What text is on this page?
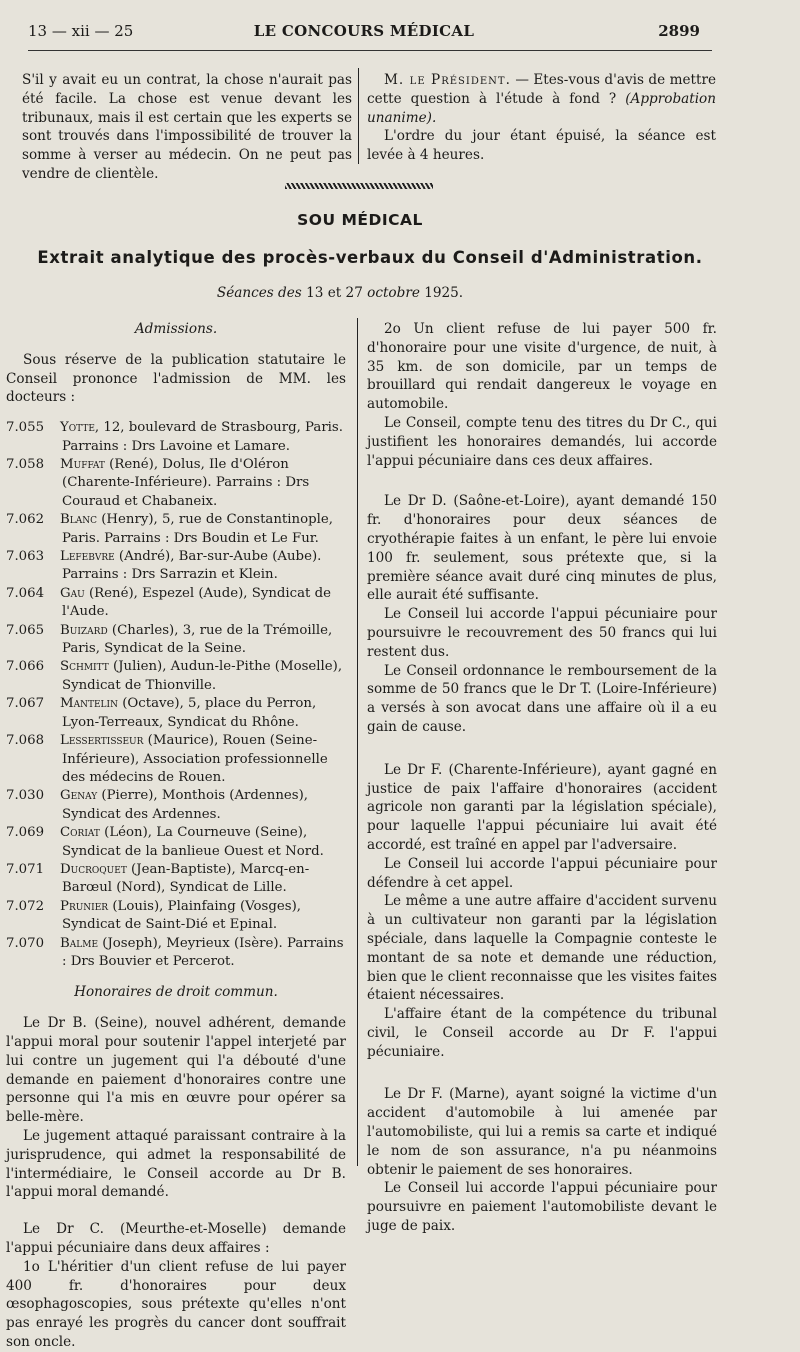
13 — xii — 25	LE CONCOURS MÉDICAL	2899

S'il y avait eu un contrat, la chose n'aurait pas été facile. La chose est venue devant les tribunaux, mais il est certain que les experts se sont trouvés dans l'impossibilité de trouver la somme à verser au médecin. On ne peut pas vendre de clientèle.

M. le Président. — Etes-vous d'avis de mettre cette question à l'étude à fond ? (Approbation unanime).

L'ordre du jour étant épuisé, la séance est levée à 4 heures.

SOU MÉDICAL
Extrait analytique des procès-verbaux du Conseil d'Administration.
Séances des 13 et 27 octobre 1925.

Admissions.

Sous réserve de la publication statutaire le Conseil prononce l'admission de MM. les docteurs :

7.055 Yotte, 12, boulevard de Strasbourg, Paris. Parrains : Drs Lavoine et Lamare.
7.058 Muffat (René), Dolus, Ile d'Oléron (Charente-Inférieure). Parrains : Drs Couraud et Chabaneix.
7.062 Blanc (Henry), 5, rue de Constantinople, Paris. Parrains : Drs Boudin et Le Fur.
7.063 Lefebvre (André), Bar-sur-Aube (Aube). Parrains : Drs Sarrazin et Klein.
7.064 Gau (René), Espezel (Aude), Syndicat de l'Aude.
7.065 Buizard (Charles), 3, rue de la Trémoille, Paris, Syndicat de la Seine.
7.066 Schmitt (Julien), Audun-le-Pithe (Moselle), Syndicat de Thionville.
7.067 Mantelin (Octave), 5, place du Perron, Lyon-Terreaux, Syndicat du Rhône.
7.068 Lessertisseur (Maurice), Rouen (Seine-Inférieure), Association professionnelle des médecins de Rouen.
7.030 Genay (Pierre), Monthois (Ardennes), Syndicat des Ardennes.
7.069 Coriat (Léon), La Courneuve (Seine), Syndicat de la banlieue Ouest et Nord.
7.071 Ducroquet (Jean-Baptiste), Marcq-en-Barœul (Nord), Syndicat de Lille.
7.072 Prunier (Louis), Plainfaing (Vosges), Syndicat de Saint-Dié et Epinal.
7.070 Balme (Joseph), Meyrieux (Isère). Parrains : Drs Bouvier et Percerot.

Honoraires de droit commun.

Le Dr B. (Seine), nouvel adhérent, demande l'appui moral pour soutenir l'appel interjeté par lui contre un jugement qui l'a débouté d'une demande en paiement d'honoraires contre une personne qui l'a mis en œuvre pour opérer sa belle-mère.

Le jugement attaqué paraissant contraire à la jurisprudence, qui admet la responsabilité de l'intermédiaire, le Conseil accorde au Dr B. l'appui moral demandé.

Le Dr C. (Meurthe-et-Moselle) demande l'appui pécuniaire dans deux affaires :

1o L'héritier d'un client refuse de lui payer 400 fr. d'honoraires pour deux œsophagoscopies, sous prétexte qu'elles n'ont pas enrayé les progrès du cancer dont souffrait son oncle.

2o Un client refuse de lui payer 500 fr. d'honoraire pour une visite d'urgence, de nuit, à 35 km. de son domicile, par un temps de brouillard qui rendait dangereux le voyage en automobile.

Le Conseil, compte tenu des titres du Dr C., qui justifient les honoraires demandés, lui accorde l'appui pécuniaire dans ces deux affaires.

Le Dr D. (Saône-et-Loire), ayant demandé 150 fr. d'honoraires pour deux séances de cryothérapie faites à un enfant, le père lui envoie 100 fr. seulement, sous prétexte que, si la première séance avait duré cinq minutes de plus, elle aurait été suffisante.

Le Conseil lui accorde l'appui pécuniaire pour poursuivre le recouvrement des 50 francs qui lui restent dus.

Le Conseil ordonnance le remboursement de la somme de 50 francs que le Dr T. (Loire-Inférieure) a versés à son avocat dans une affaire où il a eu gain de cause.

Le Dr F. (Charente-Inférieure), ayant gagné en justice de paix l'affaire d'honoraires (accident agricole non garanti par la législation spéciale), pour laquelle l'appui pécuniaire lui avait été accordé, est traîné en appel par l'adversaire.

Le Conseil lui accorde l'appui pécuniaire pour défendre à cet appel.

Le même a une autre affaire d'accident survenu à un cultivateur non garanti par la législation spéciale, dans laquelle la Compagnie conteste le montant de sa note et demande une réduction, bien que le client reconnaisse que les visites faites étaient nécessaires.

L'affaire étant de la compétence du tribunal civil, le Conseil accorde au Dr F. l'appui pécuniaire.

Le Dr F. (Marne), ayant soigné la victime d'un accident d'automobile à lui amenée par l'automobiliste, qui lui a remis sa carte et indiqué le nom de son assurance, n'a pu néanmoins obtenir le paiement de ses honoraires.

Le Conseil lui accorde l'appui pécuniaire pour poursuivre en paiement l'automobiliste devant le juge de paix.
